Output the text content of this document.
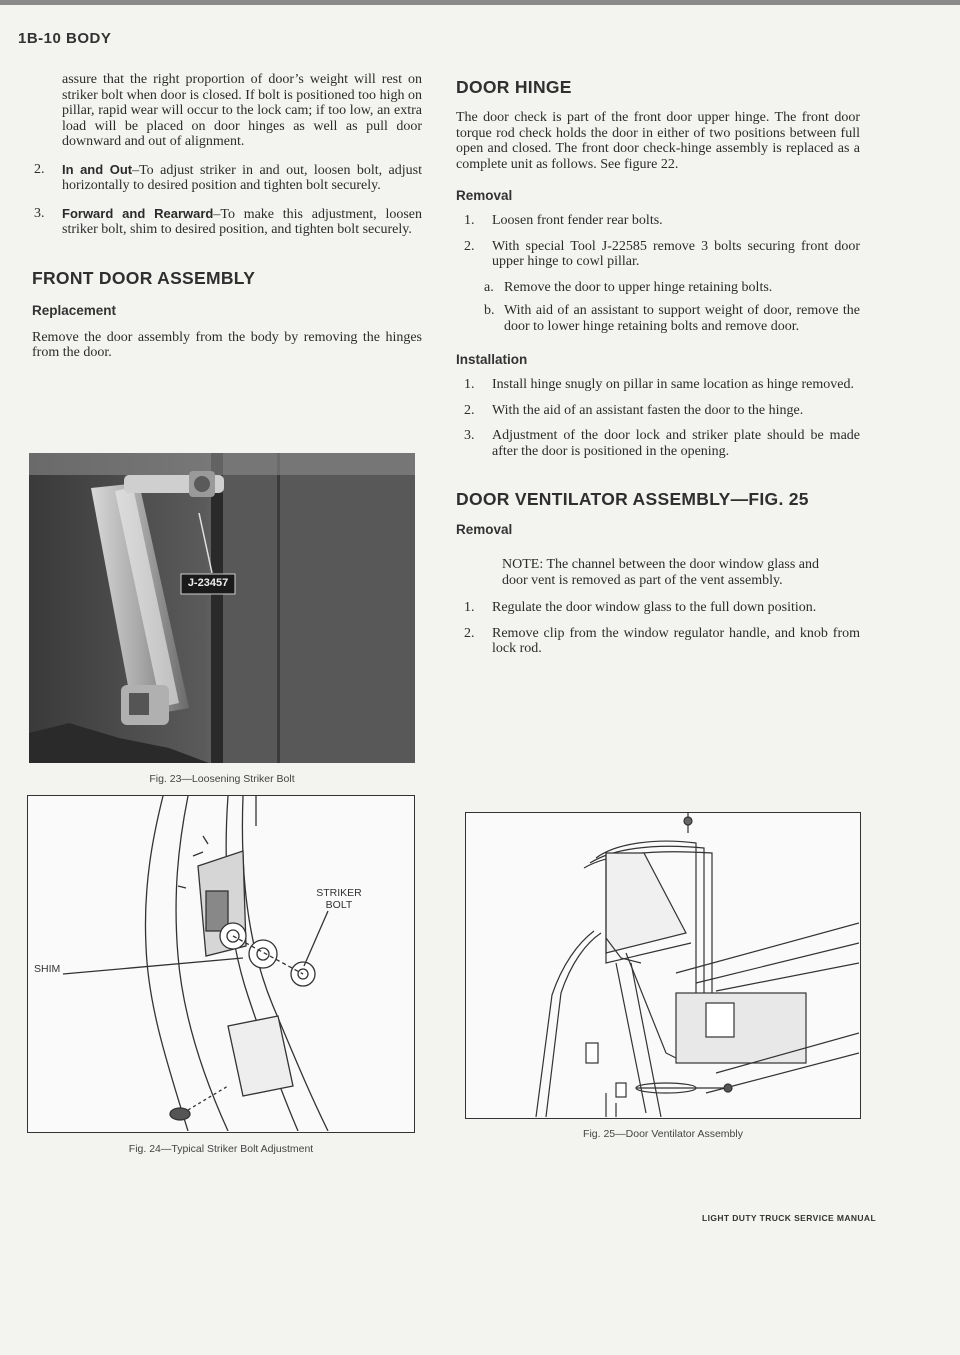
1B-10 BODY

assure that the right proportion of door’s weight will rest on striker bolt when door is closed. If bolt is positioned too high on pillar, rapid wear will occur to the lock cam; if too low, an extra load will be placed on door hinges as well as pull door downward and out of alignment.

2.	In and Out–To adjust striker in and out, loosen bolt, adjust horizontally to desired position and tighten bolt securely.

3.	Forward and Rearward–To make this adjustment, loosen striker bolt, shim to desired position, and tighten bolt securely.

FRONT DOOR ASSEMBLY
Replacement

Remove the door assembly from the body by removing the hinges from the door.

J-23457
Fig. 23—Loosening Striker Bolt
STRIKER
BOLT
SHIM
Fig. 24—Typical Striker Bolt Adjustment
DOOR HINGE

The door check is part of the front door upper hinge. The front door torque rod check holds the door in either of two positions between full open and closed. The front door check-hinge assembly is replaced as a complete unit as follows. See figure 22.

Removal
1.	Loosen front fender rear bolts.

2.	With special Tool J-22585 remove 3 bolts securing front door upper hinge to cowl pillar.

a. Remove the door to upper hinge retaining bolts.

b. With aid of an assistant to support weight of door, remove the door to lower hinge retaining bolts and remove door.

Installation
1.	Install hinge snugly on pillar in same location as hinge removed.

2.	With the aid of an assistant fasten the door to the hinge.

3.	Adjustment of the door lock and striker plate should be made after the door is positioned in the opening.

DOOR VENTILATOR ASSEMBLY—FIG. 25
Removal

NOTE: The channel between the door window glass and door vent is removed as part of the vent assembly.

1.	Regulate the door window glass to the full down position.

2.	Remove clip from the window regulator handle, and knob from lock rod.

Fig. 25—Door Ventilator Assembly
LIGHT DUTY TRUCK SERVICE MANUAL
